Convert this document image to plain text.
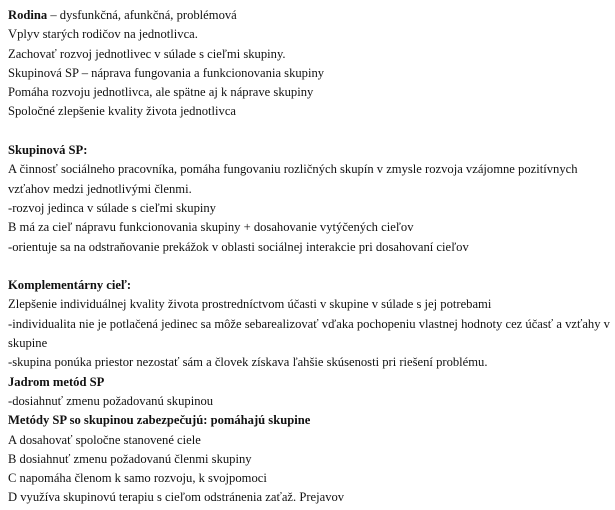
Rodina – dysfunkčná, afunkčná, problémová
Vplyv starých rodičov na jednotlivca.
Zachovať rozvoj jednotlivec v súlade s cieľmi skupiny.
Skupinová SP – náprava fungovania a funkcionovania skupiny
Pomáha rozvoju jednotlivca, ale spätne aj k náprave skupiny
Spoločné zlepšenie kvality života jednotlivca
Skupinová SP:
A činnosť sociálneho pracovníka, pomáha fungovaniu rozličných skupín v zmysle rozvoja vzájomne pozitívnych vzťahov medzi jednotlivými členmi.
-rozvoj jedinca v súlade s cieľmi skupiny
B má za cieľ nápravu funkcionovania skupiny + dosahovanie vytýčených cieľov
-orientuje sa na odstraňovanie prekážok v oblasti sociálnej interakcie pri dosahovaní cieľov
Komplementárny cieľ:
Zlepšenie individuálnej kvality života prostredníctvom účasti v skupine v súlade s jej potrebami
-individualita nie je potlačená jedinec sa môže sebarealizovať vďaka pochopeniu vlastnej hodnoty cez účasť a vzťahy v skupine
-skupina ponúka priestor nezostať sám a človek získava ľahšie skúsenosti pri riešení problému.
Jadrom metód SP
-dosiahnuť zmenu požadovanú skupinou
Metódy SP so skupinou zabezpečujú: pomáhajú skupine
A dosahovať spoločne stanovené ciele
B dosiahnuť zmenu požadovanú členmi skupiny
C napomáha členom k samo rozvoju, k svojpomoci
D využíva skupinovú terapiu s cieľom odstránenia zaťaž. Prejavov
